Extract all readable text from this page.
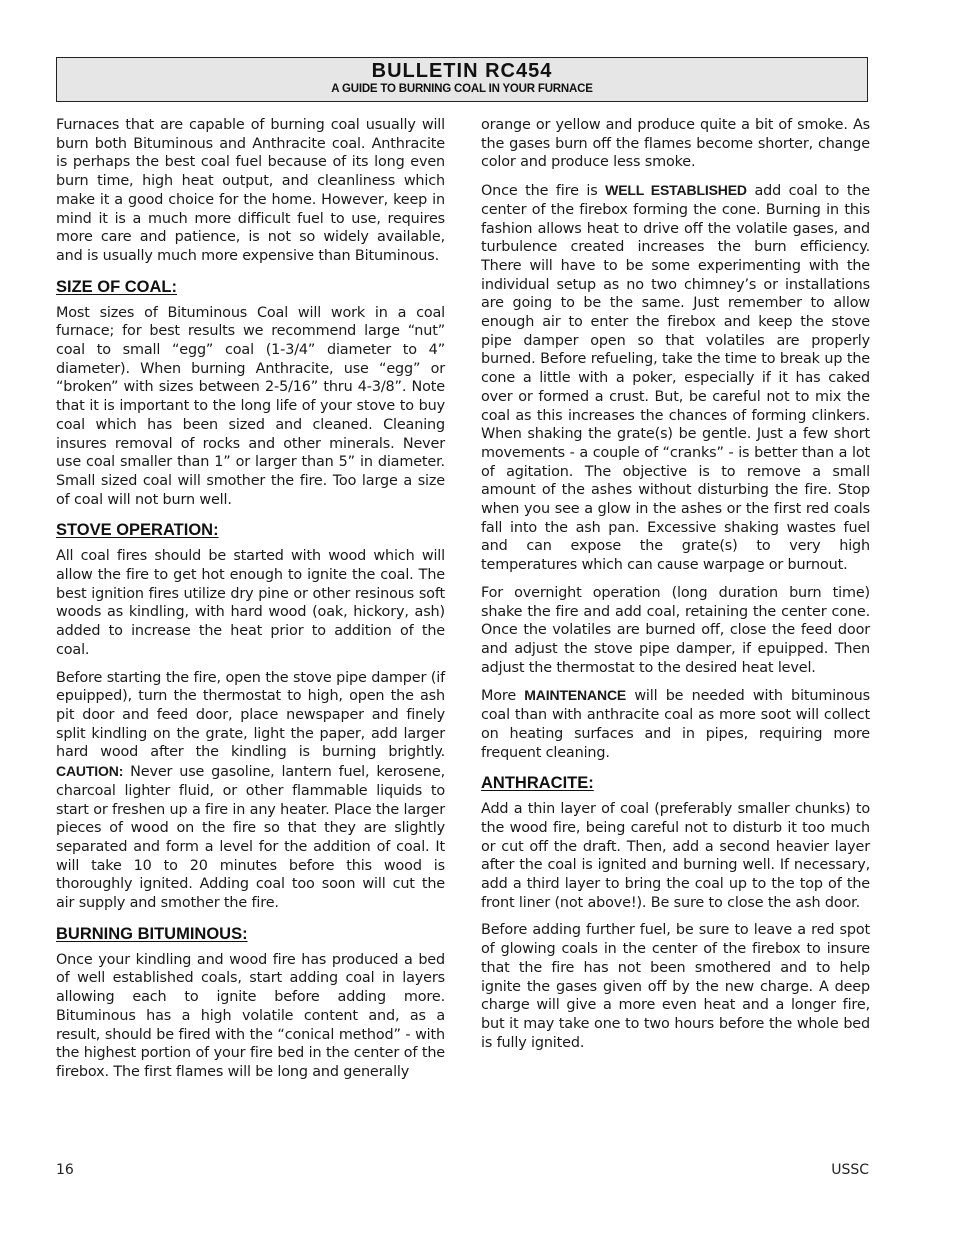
BULLETIN RC454
A GUIDE TO BURNING COAL IN YOUR FURNACE

Furnaces that are capable of burning coal usually will burn both Bituminous and Anthracite coal. Anthracite is perhaps the best coal fuel because of its long even burn time, high heat output, and cleanliness which make it a good choice for the home. However, keep in mind it is a much more difficult fuel to use, requires more care and patience, is not so widely available, and is usually much more expensive than Bituminous.

SIZE OF COAL:

Most sizes of Bituminous Coal will work in a coal furnace; for best results we recommend large “nut” coal to small “egg” coal (1-3/4” diameter to 4” diameter). When burning Anthracite, use “egg” or “broken” with sizes between 2-5/16” thru 4-3/8”. Note that it is important to the long life of your stove to buy coal which has been sized and cleaned. Cleaning insures removal of rocks and other minerals. Never use coal smaller than 1” or larger than 5” in diameter. Small sized coal will smother the fire. Too large a size of coal will not burn well.

STOVE OPERATION:

All coal fires should be started with wood which will allow the fire to get hot enough to ignite the coal. The best ignition fires utilize dry pine or other resinous soft woods as kindling, with hard wood (oak, hickory, ash) added to increase the heat prior to addition of the coal.

Before starting the fire, open the stove pipe damper (if epuipped), turn the thermostat to high, open the ash pit door and feed door, place newspaper and finely split kindling on the grate, light the paper, add larger hard wood after the kindling is burning brightly. CAUTION: Never use gasoline, lantern fuel, kerosene, charcoal lighter fluid, or other flammable liquids to start or freshen up a fire in any heater. Place the larger pieces of wood on the fire so that they are slightly separated and form a level for the addition of coal. It will take 10 to 20 minutes before this wood is thoroughly ignited. Adding coal too soon will cut the air supply and smother the fire.

BURNING BITUMINOUS:

Once your kindling and wood fire has produced a bed of well established coals, start adding coal in layers allowing each to ignite before adding more. Bituminous has a high volatile content and, as a result, should be fired with the “conical method” - with the highest portion of your fire bed in the center of the firebox. The first flames will be long and generally

orange or yellow and produce quite a bit of smoke. As the gases burn off the flames become shorter, change color and produce less smoke.

Once the fire is WELL ESTABLISHED add coal to the center of the firebox forming the cone. Burning in this fashion allows heat to drive off the volatile gases, and turbulence created increases the burn efficiency. There will have to be some experimenting with the individual setup as no two chimney’s or installations are going to be the same. Just remember to allow enough air to enter the firebox and keep the stove pipe damper open so that volatiles are properly burned. Before refueling, take the time to break up the cone a little with a poker, especially if it has caked over or formed a crust. But, be careful not to mix the coal as this increases the chances of forming clinkers. When shaking the grate(s) be gentle. Just a few short movements - a couple of “cranks” - is better than a lot of agitation. The objective is to remove a small amount of the ashes without disturbing the fire. Stop when you see a glow in the ashes or the first red coals fall into the ash pan. Excessive shaking wastes fuel and can expose the grate(s) to very high temperatures which can cause warpage or burnout.

For overnight operation (long duration burn time) shake the fire and add coal, retaining the center cone. Once the volatiles are burned off, close the feed door and adjust the stove pipe damper, if epuipped. Then adjust the thermostat to the desired heat level.

More MAINTENANCE will be needed with bituminous coal than with anthracite coal as more soot will collect on heating surfaces and in pipes, requiring more frequent cleaning.

ANTHRACITE:

Add a thin layer of coal (preferably smaller chunks) to the wood fire, being careful not to disturb it too much or cut off the draft. Then, add a second heavier layer after the coal is ignited and burning well. If necessary, add a third layer to bring the coal up to the top of the front liner (not above!). Be sure to close the ash door.

Before adding further fuel, be sure to leave a red spot of glowing coals in the center of the firebox to insure that the fire has not been smothered and to help ignite the gases given off by the new charge. A deep charge will give a more even heat and a longer fire, but it may take one to two hours before the whole bed is fully ignited.

16	USSC
